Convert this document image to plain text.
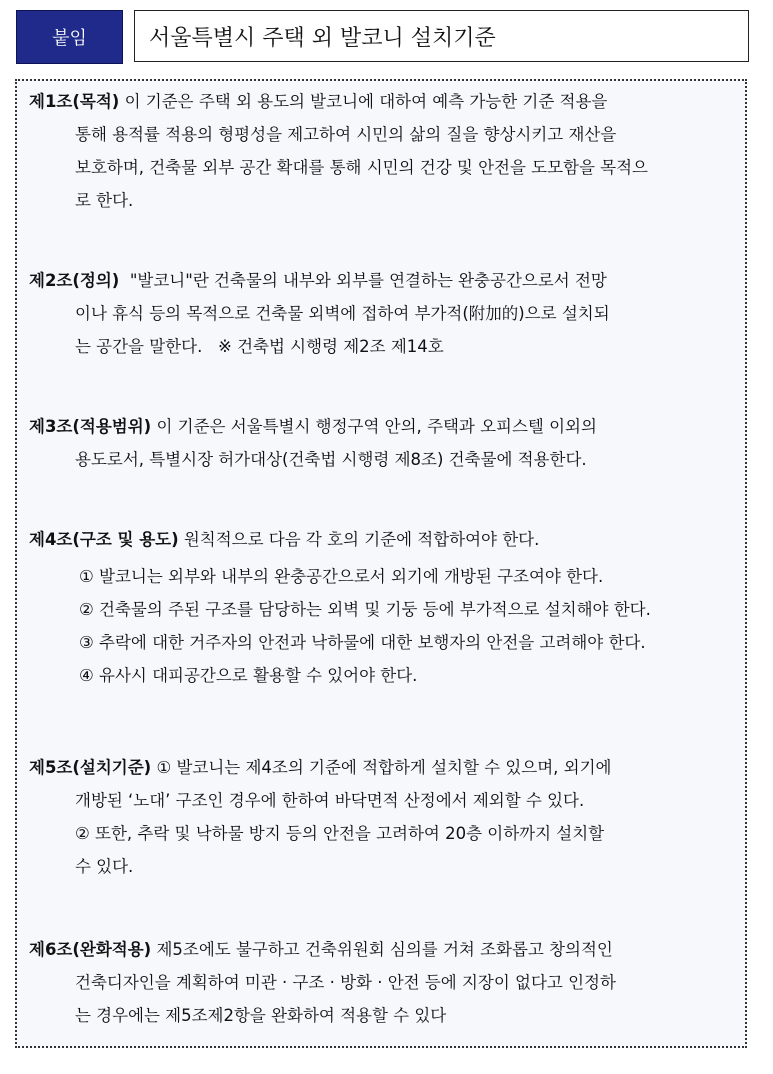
붙임	서울특별시 주택 외 발코니 설치기준
제1조(목적) 이 기준은 주택 외 용도의 발코니에 대하여 예측 가능한 기준 적용을
통해 용적률 적용의 형평성을 제고하여 시민의 삶의 질을 향상시키고 재산을
보호하며, 건축물 외부 공간 확대를 통해 시민의 건강 및 안전을 도모함을 목적으
로 한다.
제2조(정의)  "발코니"란 건축물의 내부와 외부를 연결하는 완충공간으로서 전망
이나 휴식 등의 목적으로 건축물 외벽에 접하여 부가적(附加的)으로 설치되
는 공간을 말한다.   ※ 건축법 시행령 제2조 제14호
제3조(적용범위) 이 기준은 서울특별시 행정구역 안의, 주택과 오피스텔 이외의
용도로서, 특별시장 허가대상(건축법 시행령 제8조) 건축물에 적용한다.
제4조(구조 및 용도) 원칙적으로 다음 각 호의 기준에 적합하여야 한다.
① 발코니는 외부와 내부의 완충공간으로서 외기에 개방된 구조여야 한다.
② 건축물의 주된 구조를 담당하는 외벽 및 기둥 등에 부가적으로 설치해야 한다.
③ 추락에 대한 거주자의 안전과 낙하물에 대한 보행자의 안전을 고려해야 한다.
④ 유사시 대피공간으로 활용할 수 있어야 한다.
제5조(설치기준) ① 발코니는 제4조의 기준에 적합하게 설치할 수 있으며, 외기에
개방된 ‘노대’ 구조인 경우에 한하여 바닥면적 산정에서 제외할 수 있다.
② 또한, 추락 및 낙하물 방지 등의 안전을 고려하여 20층 이하까지 설치할
수 있다.
제6조(완화적용) 제5조에도 불구하고 건축위원회 심의를 거쳐 조화롭고 창의적인
건축디자인을 계획하여 미관 · 구조 · 방화 · 안전 등에 지장이 없다고 인정하
는 경우에는 제5조제2항을 완화하여 적용할 수 있다
